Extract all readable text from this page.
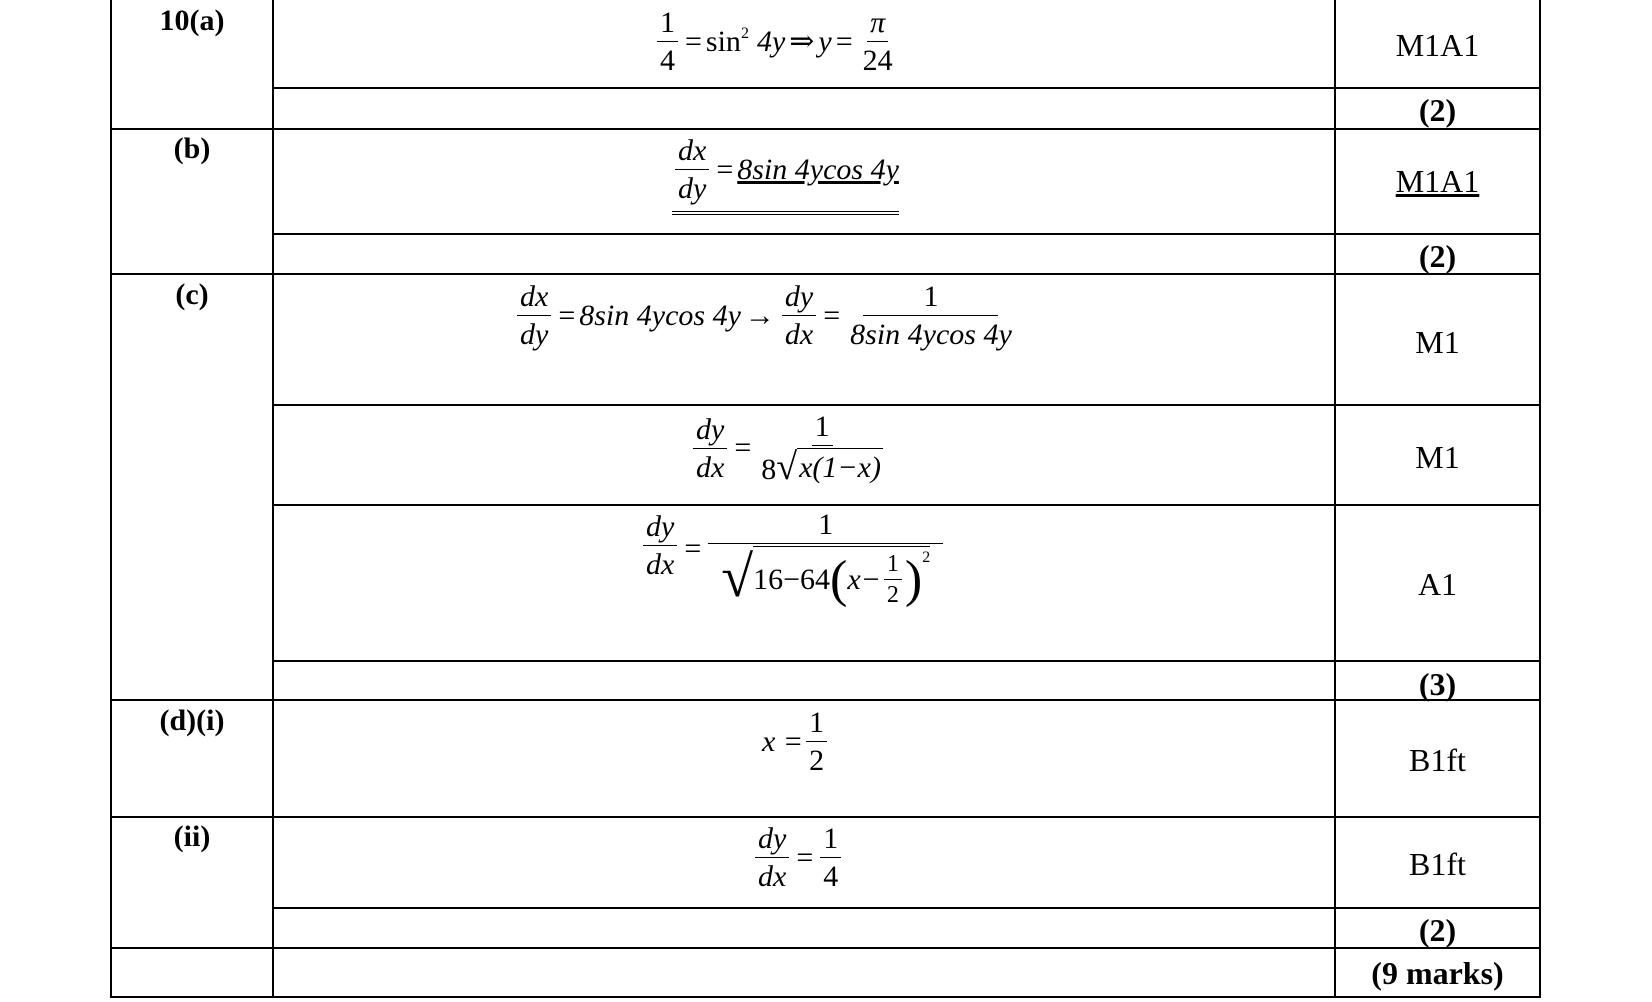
10(a)
(b)
(c)
(d)(i)
(ii)
M1A1
(2)
M1A1
(2)
M1
M1
A1
(3)
B1ft
B1ft
(2)
(9 marks)
$\frac{1}{4} = \sin 2$ 4y ⇒ $y = \frac{\pi}{24}$
$\frac{dx}{dy} = 8\sin$ 4ycos 4y
$\frac{dx}{dy} = 8\sin$ 4ycos $4y \to \frac{dy}{dx} = \frac{1}{8\sin 4ycos 4y}$
$\frac{dy}{dx} = \frac{1}{8 √ x(1-x)}$
$\frac{dy}{dx}$ =
1
√ 16−64 ( $x- \frac{1}{2}$ ) 2
$x = \frac{1}{2}$
$\frac{dy}{dx} = \frac{1}{4}$
